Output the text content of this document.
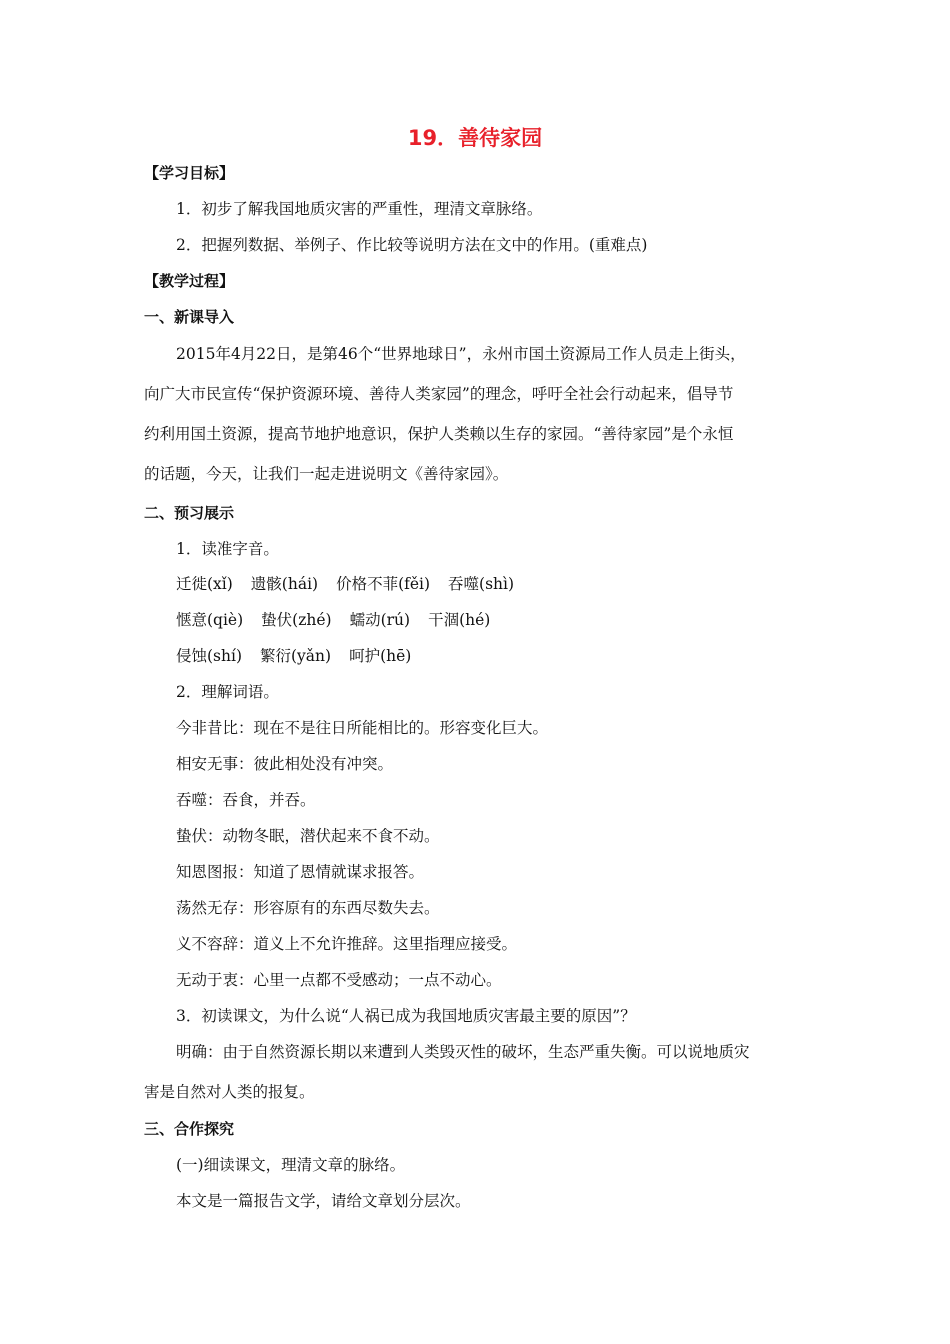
19．善待家园
【学习目标】
1．初步了解我国地质灾害的严重性，理清文章脉络。
2．把握列数据、举例子、作比较等说明方法在文中的作用。(重难点)
【教学过程】
一、新课导入
2015年4月22日，是第46个“世界地球日”，永州市国土资源局工作人员走上街头，
向广大市民宣传“保护资源环境、善待人类家园”的理念，呼吁全社会行动起来，倡导节
约利用国土资源，提高节地护地意识，保护人类赖以生存的家园。“善待家园”是个永恒
的话题，今天，让我们一起走进说明文《善待家园》。
二、预习展示
1．读准字音。
迁徙(xǐ) 遗骸(hái) 价格不菲(fěi) 吞噬(shì)
惬意(qiè) 蛰伏(zhé) 蠕动(rú) 干涸(hé)
侵蚀(shí) 繁衍(yǎn) 呵护(hē)
2．理解词语。
今非昔比：现在不是往日所能相比的。形容变化巨大。
相安无事：彼此相处没有冲突。
吞噬：吞食，并吞。
蛰伏：动物冬眠，潜伏起来不食不动。
知恩图报：知道了恩情就谋求报答。
荡然无存：形容原有的东西尽数失去。
义不容辞：道义上不允许推辞。这里指理应接受。
无动于衷：心里一点都不受感动；一点不动心。
3．初读课文，为什么说“人祸已成为我国地质灾害最主要的原因”？
明确：由于自然资源长期以来遭到人类毁灭性的破坏，生态严重失衡。可以说地质灾
害是自然对人类的报复。
三、合作探究
(一)细读课文，理清文章的脉络。
本文是一篇报告文学，请给文章划分层次。
